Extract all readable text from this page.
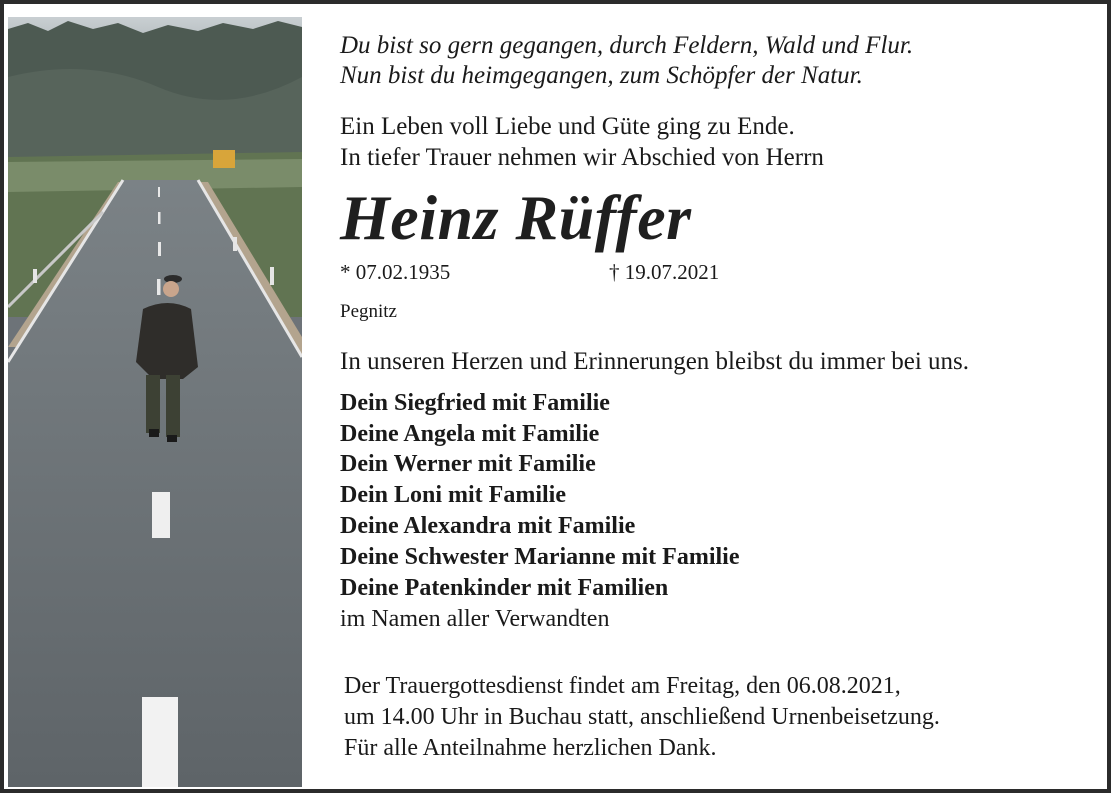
Du bist so gern gegangen, durch Feldern, Wald und Flur.
Nun bist du heimgegangen, zum Schöpfer der Natur.
Ein Leben voll Liebe und Güte ging zu Ende.
In tiefer Trauer nehmen wir Abschied von Herrn
Heinz Rüffer
* 07.02.1935	† 19.07.2021
Pegnitz
In unseren Herzen und Erinnerungen bleibst du immer bei uns.
Dein Siegfried mit Familie
Deine Angela mit Familie
Dein Werner mit Familie
Dein Loni mit Familie
Deine Alexandra mit Familie
Deine Schwester Marianne mit Familie
Deine Patenkinder mit Familien
im Namen aller Verwandten
Der Trauergottesdienst findet am Freitag, den 06.08.2021,
um 14.00 Uhr in Buchau statt, anschließend Urnenbeisetzung.
Für alle Anteilnahme herzlichen Dank.
